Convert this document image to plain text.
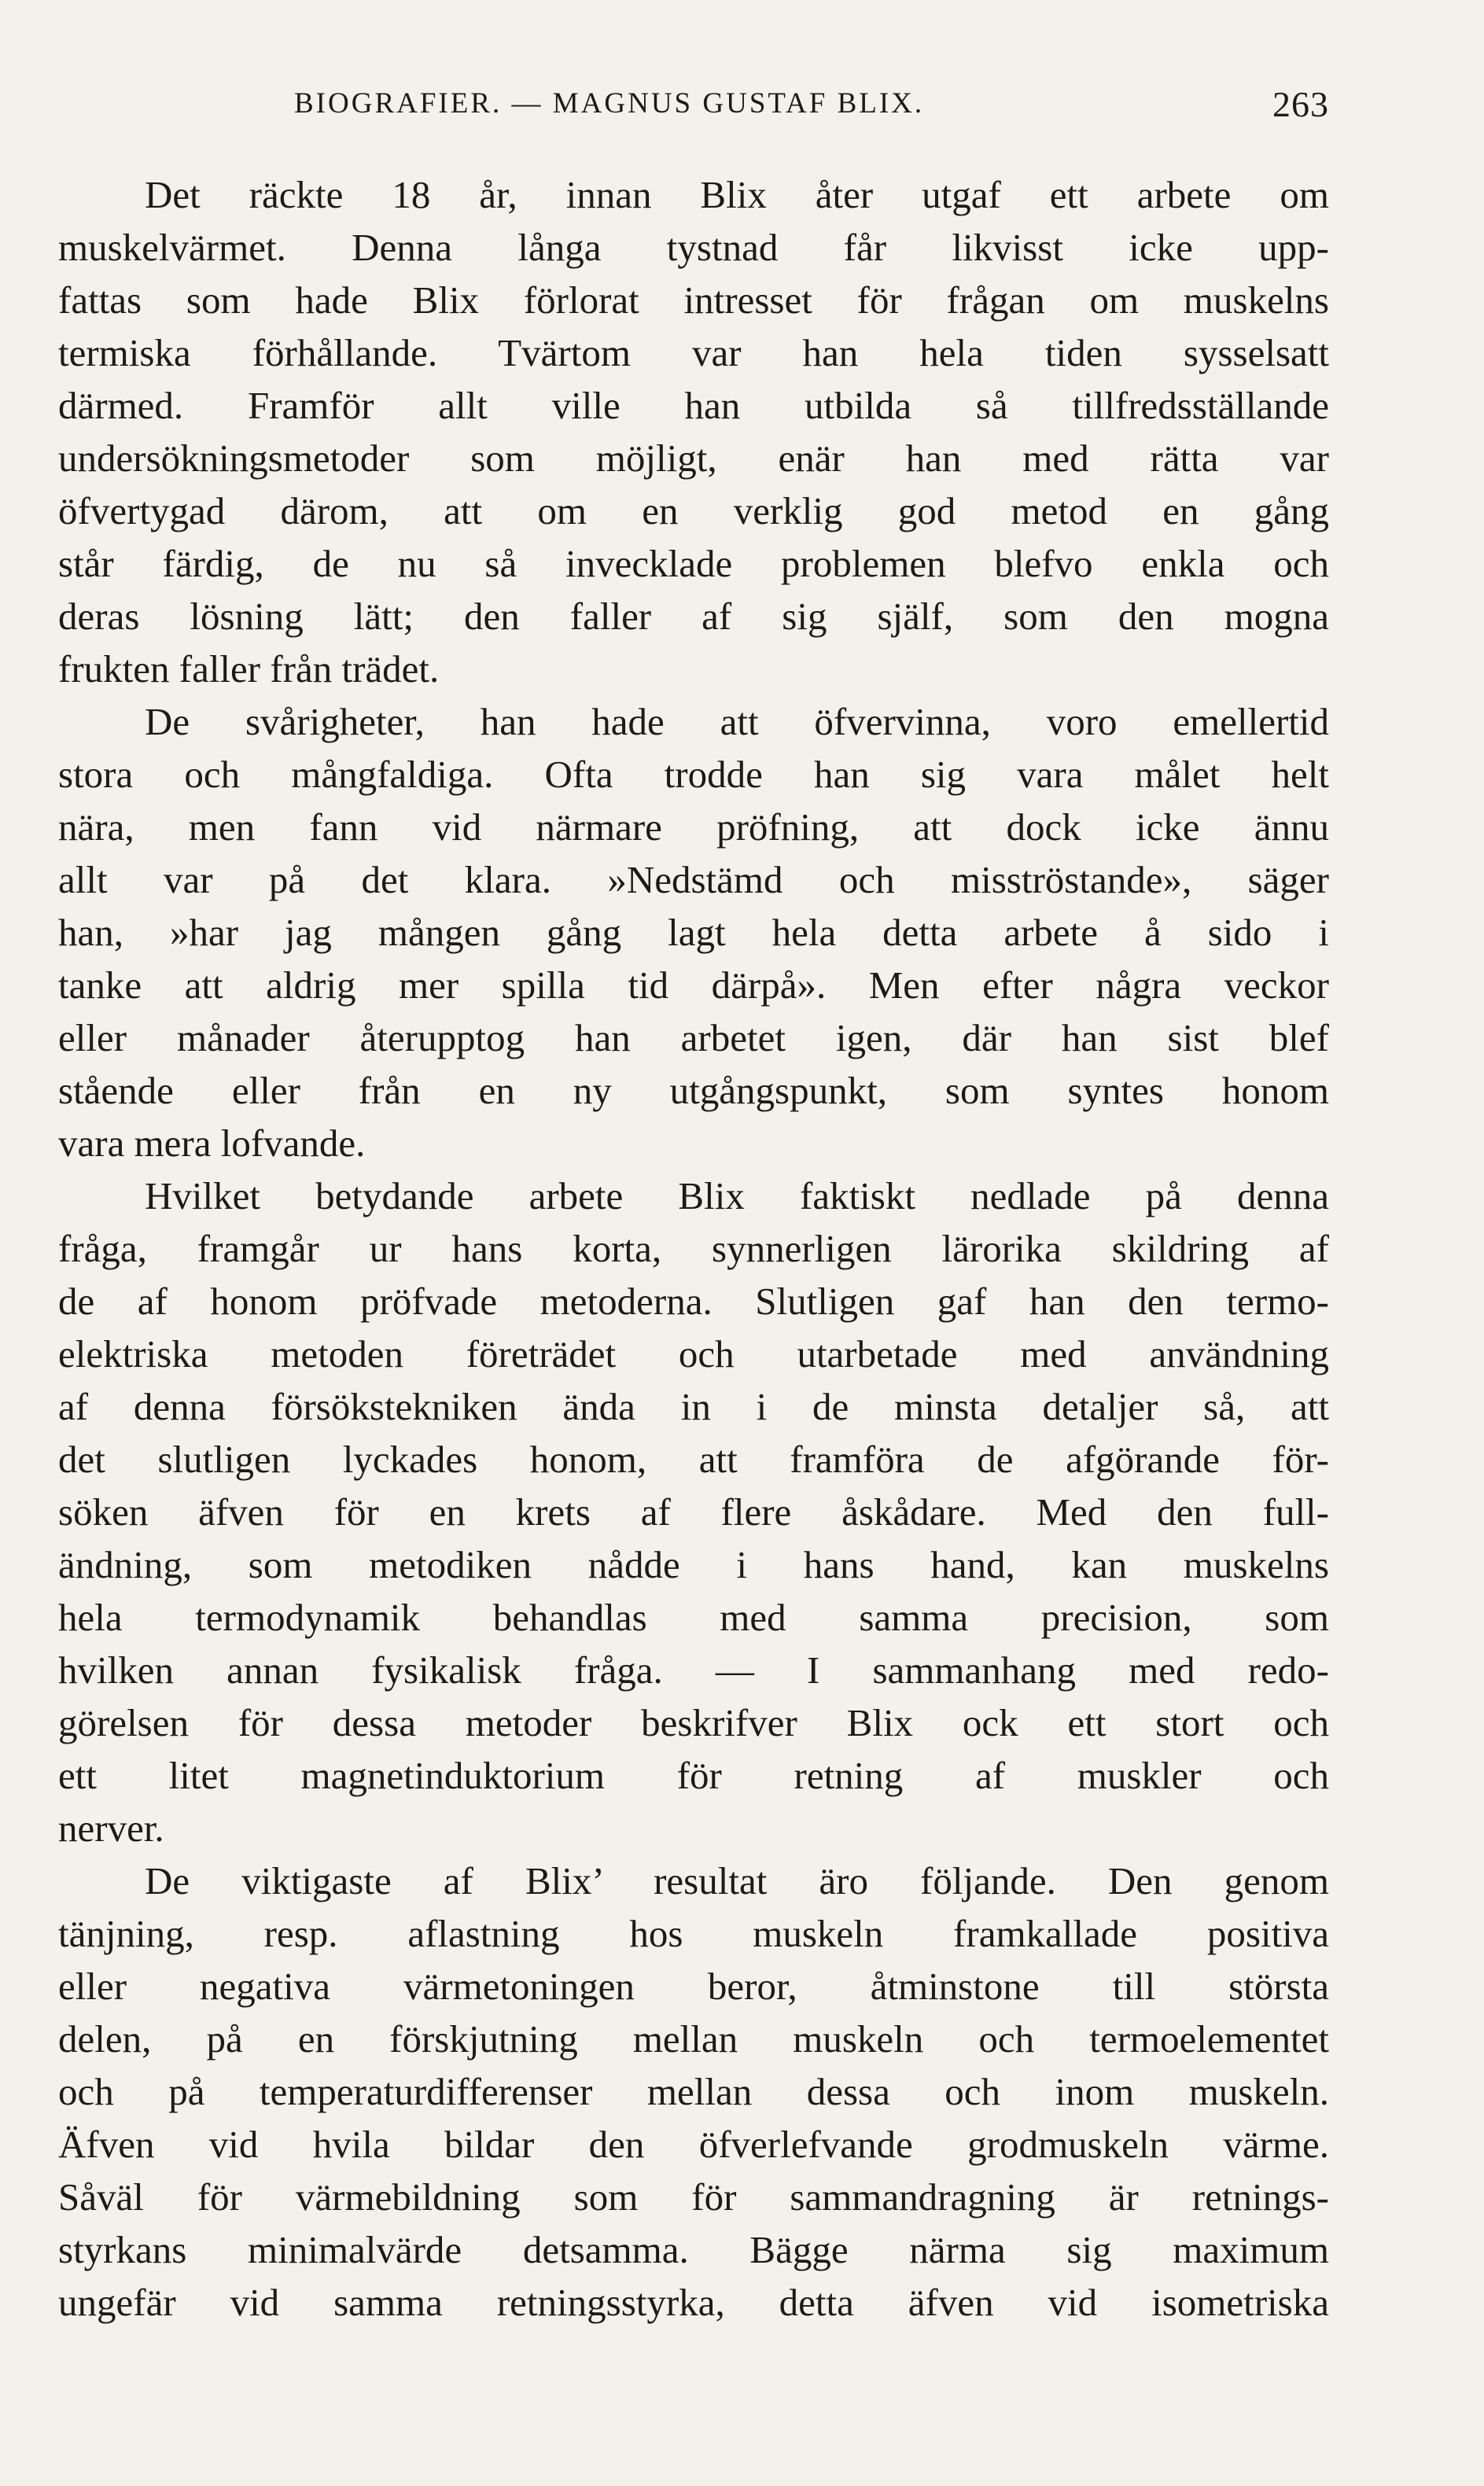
BIOGRAFIER. — MAGNUS GUSTAF BLIX.	263
Det räckte 18 år, innan Blix åter utgaf ett arbete om
muskelvärmet. Denna långa tystnad får likvisst icke upp-
fattas som hade Blix förlorat intresset för frågan om muskelns
termiska förhållande. Tvärtom var han hela tiden sysselsatt
därmed. Framför allt ville han utbilda så tillfredsställande
undersökningsmetoder som möjligt, enär han med rätta var
öfvertygad därom, att om en verklig god metod en gång
står färdig, de nu så invecklade problemen blefvo enkla och
deras lösning lätt; den faller af sig själf, som den mogna
frukten faller från trädet.
De svårigheter, han hade att öfvervinna, voro emellertid
stora och mångfaldiga. Ofta trodde han sig vara målet helt
nära, men fann vid närmare pröfning, att dock icke ännu
allt var på det klara. »Nedstämd och misströstande», säger
han, »har jag mången gång lagt hela detta arbete å sido i
tanke att aldrig mer spilla tid därpå». Men efter några veckor
eller månader återupptog han arbetet igen, där han sist blef
stående eller från en ny utgångspunkt, som syntes honom
vara mera lofvande.
Hvilket betydande arbete Blix faktiskt nedlade på denna
fråga, framgår ur hans korta, synnerligen lärorika skildring af
de af honom pröfvade metoderna. Slutligen gaf han den termo-
elektriska metoden företrädet och utarbetade med användning
af denna försökstekniken ända in i de minsta detaljer så, att
det slutligen lyckades honom, att framföra de afgörande för-
söken äfven för en krets af flere åskådare. Med den full-
ändning, som metodiken nådde i hans hand, kan muskelns
hela termodynamik behandlas med samma precision, som
hvilken annan fysikalisk fråga. — I sammanhang med redo-
görelsen för dessa metoder beskrifver Blix ock ett stort och
ett litet magnetinduktorium för retning af muskler och
nerver.
De viktigaste af Blix’ resultat äro följande. Den genom
tänjning, resp. aflastning hos muskeln framkallade positiva
eller negativa värmetoningen beror, åtminstone till största
delen, på en förskjutning mellan muskeln och termoelementet
och på temperaturdifferenser mellan dessa och inom muskeln.
Äfven vid hvila bildar den öfverlefvande grodmuskeln värme.
Såväl för värmebildning som för sammandragning är retnings-
styrkans minimalvärde detsamma. Bägge närma sig maximum
ungefär vid samma retningsstyrka, detta äfven vid isometriska
